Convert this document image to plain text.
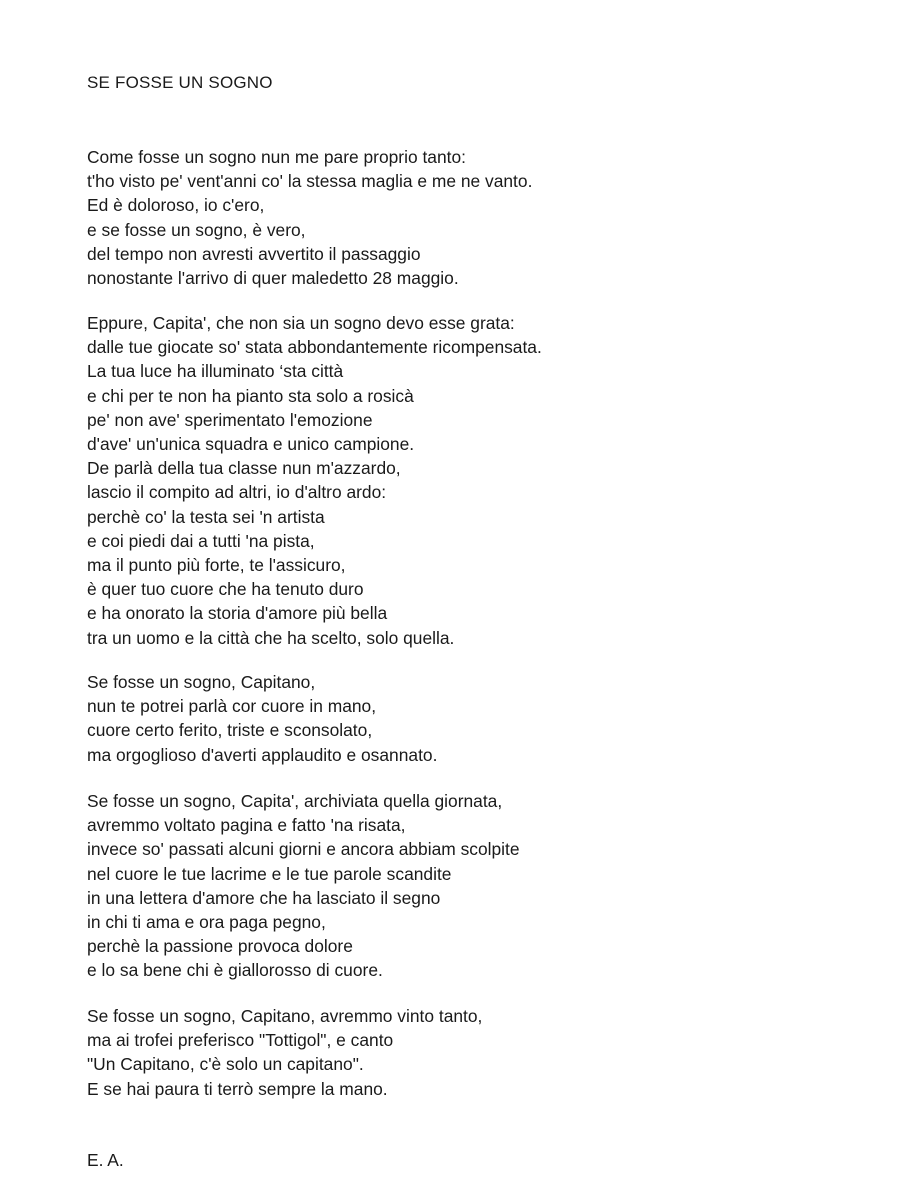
SE FOSSE UN SOGNO

Come fosse un sogno nun me pare proprio tanto:
t'ho visto pe' vent'anni co' la stessa maglia e me ne vanto.
Ed è doloroso, io c'ero,
e se fosse un sogno, è vero,
del tempo non avresti avvertito il passaggio
nonostante l'arrivo di quer maledetto 28 maggio.

Eppure, Capita', che non sia un sogno devo esse grata:
dalle tue giocate so' stata abbondantemente ricompensata.
La tua luce ha illuminato ‘sta città
e chi per te non ha pianto sta solo a rosicà
pe' non ave' sperimentato l'emozione
d'ave' un'unica squadra e unico campione.
De parlà della tua classe nun m'azzardo,
lascio il compito ad altri, io d'altro ardo:
perchè co' la testa sei 'n artista
e coi piedi dai a tutti 'na pista,
ma il punto più forte, te l'assicuro,
è quer tuo cuore che ha tenuto duro
e ha onorato la storia d'amore più bella
tra un uomo e la città che ha scelto, solo quella.

Se fosse un sogno, Capitano,
nun te potrei parlà cor cuore in mano,
cuore certo ferito, triste e sconsolato,
ma orgoglioso d'averti applaudito e osannato.

Se fosse un sogno, Capita', archiviata quella giornata,
avremmo voltato pagina e fatto 'na risata,
invece so' passati alcuni giorni e ancora abbiam scolpite
nel cuore le tue lacrime e le tue parole scandite
in una lettera d'amore che ha lasciato il segno
in chi ti ama e ora paga pegno,
perchè la passione provoca dolore
e lo sa bene chi è giallorosso di cuore.

Se fosse un sogno, Capitano, avremmo vinto tanto,
ma ai trofei preferisco "Tottigol", e canto
"Un Capitano, c'è solo un capitano".
E se hai paura ti terrò sempre la mano.

E. A.
